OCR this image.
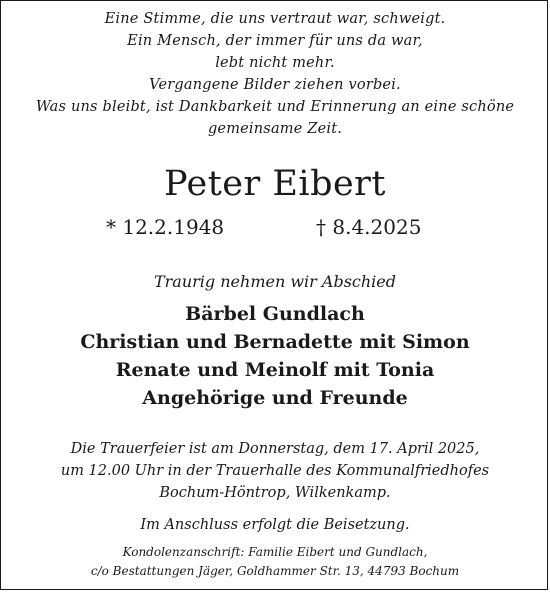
Eine Stimme, die uns vertraut war, schweigt.
Ein Mensch, der immer für uns da war,
lebt nicht mehr.
Vergangene Bilder ziehen vorbei.
Was uns bleibt, ist Dankbarkeit und Erinnerung an eine schöne
gemeinsame Zeit.
Peter Eibert
* 12.2.1948	† 8.4.2025
Traurig nehmen wir Abschied
Bärbel Gundlach
Christian und Bernadette mit Simon
Renate und Meinolf mit Tonia
Angehörige und Freunde
Die Trauerfeier ist am Donnerstag, dem 17. April 2025,
um 12.00 Uhr in der Trauerhalle des Kommunalfriedhofes
Bochum-Höntrop, Wilkenkamp.
Im Anschluss erfolgt die Beisetzung.
Kondolenzanschrift: Familie Eibert und Gundlach,
c/o Bestattungen Jäger, Goldhammer Str. 13, 44793 Bochum
